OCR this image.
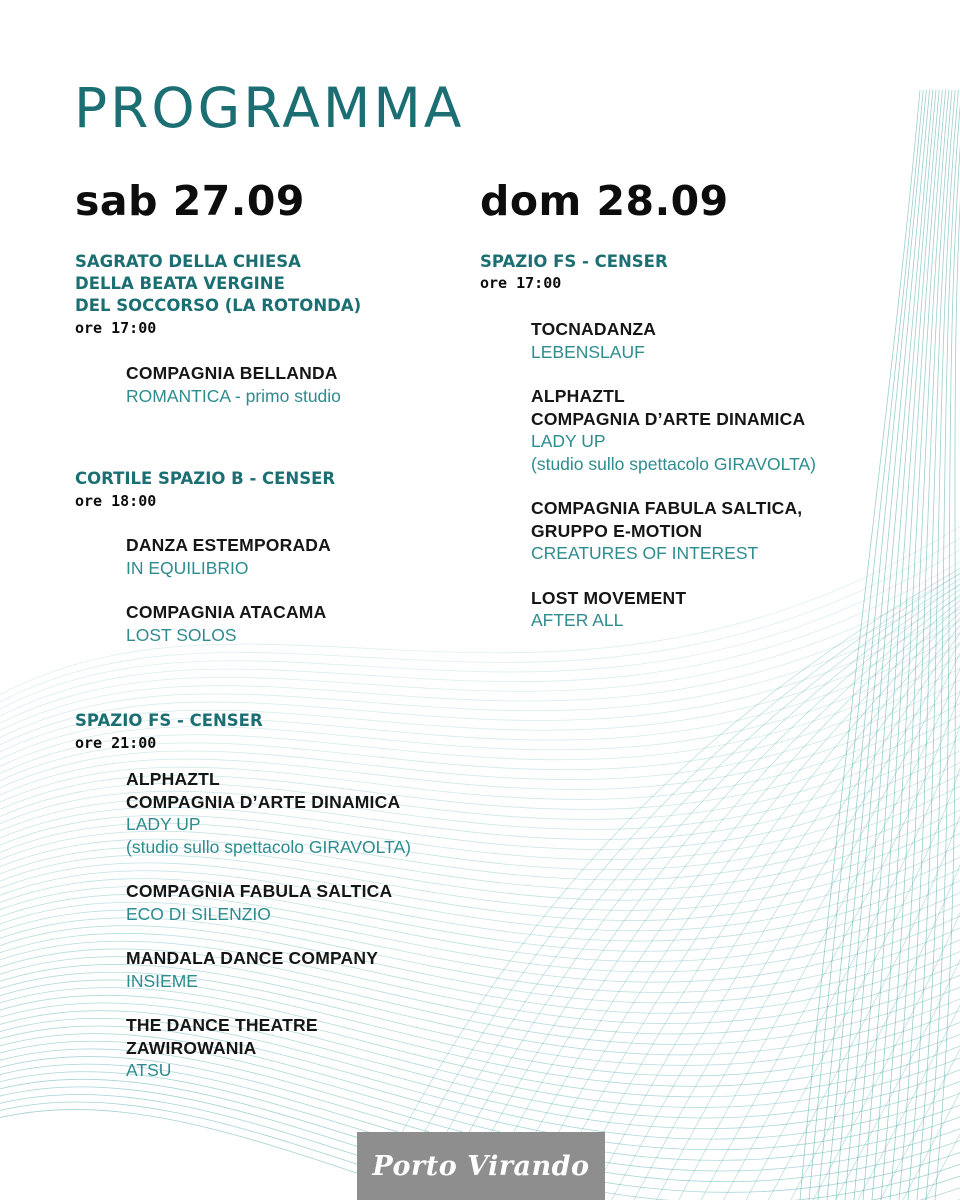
PROGRAMMA
sab 27.09

SAGRATO DELLA CHIESA

DELLA BEATA VERGINE

DEL SOCCORSO (LA ROTONDA)

ore 17:00

COMPAGNIA BELLANDA

ROMANTICA - primo studio

CORTILE SPAZIO B - CENSER

ore 18:00

DANZA ESTEMPORADA

IN EQUILIBRIO

COMPAGNIA ATACAMA

LOST SOLOS

SPAZIO FS - CENSER

ore 21:00

ALPHAZTL

COMPAGNIA D’ARTE DINAMICA

LADY UP

(studio sullo spettacolo GIRAVOLTA)

COMPAGNIA FABULA SALTICA

ECO DI SILENZIO

MANDALA DANCE COMPANY

INSIEME

THE DANCE THEATRE

ZAWIROWANIA

ATSU

dom 28.09

SPAZIO FS - CENSER

ore 17:00

TOCNADANZA

LEBENSLAUF

ALPHAZTL

COMPAGNIA D’ARTE DINAMICA

LADY UP

(studio sullo spettacolo GIRAVOLTA)

COMPAGNIA FABULA SALTICA,

GRUPPO E-MOTION

CREATURES OF INTEREST

LOST MOVEMENT

AFTER ALL

Porto Virando
